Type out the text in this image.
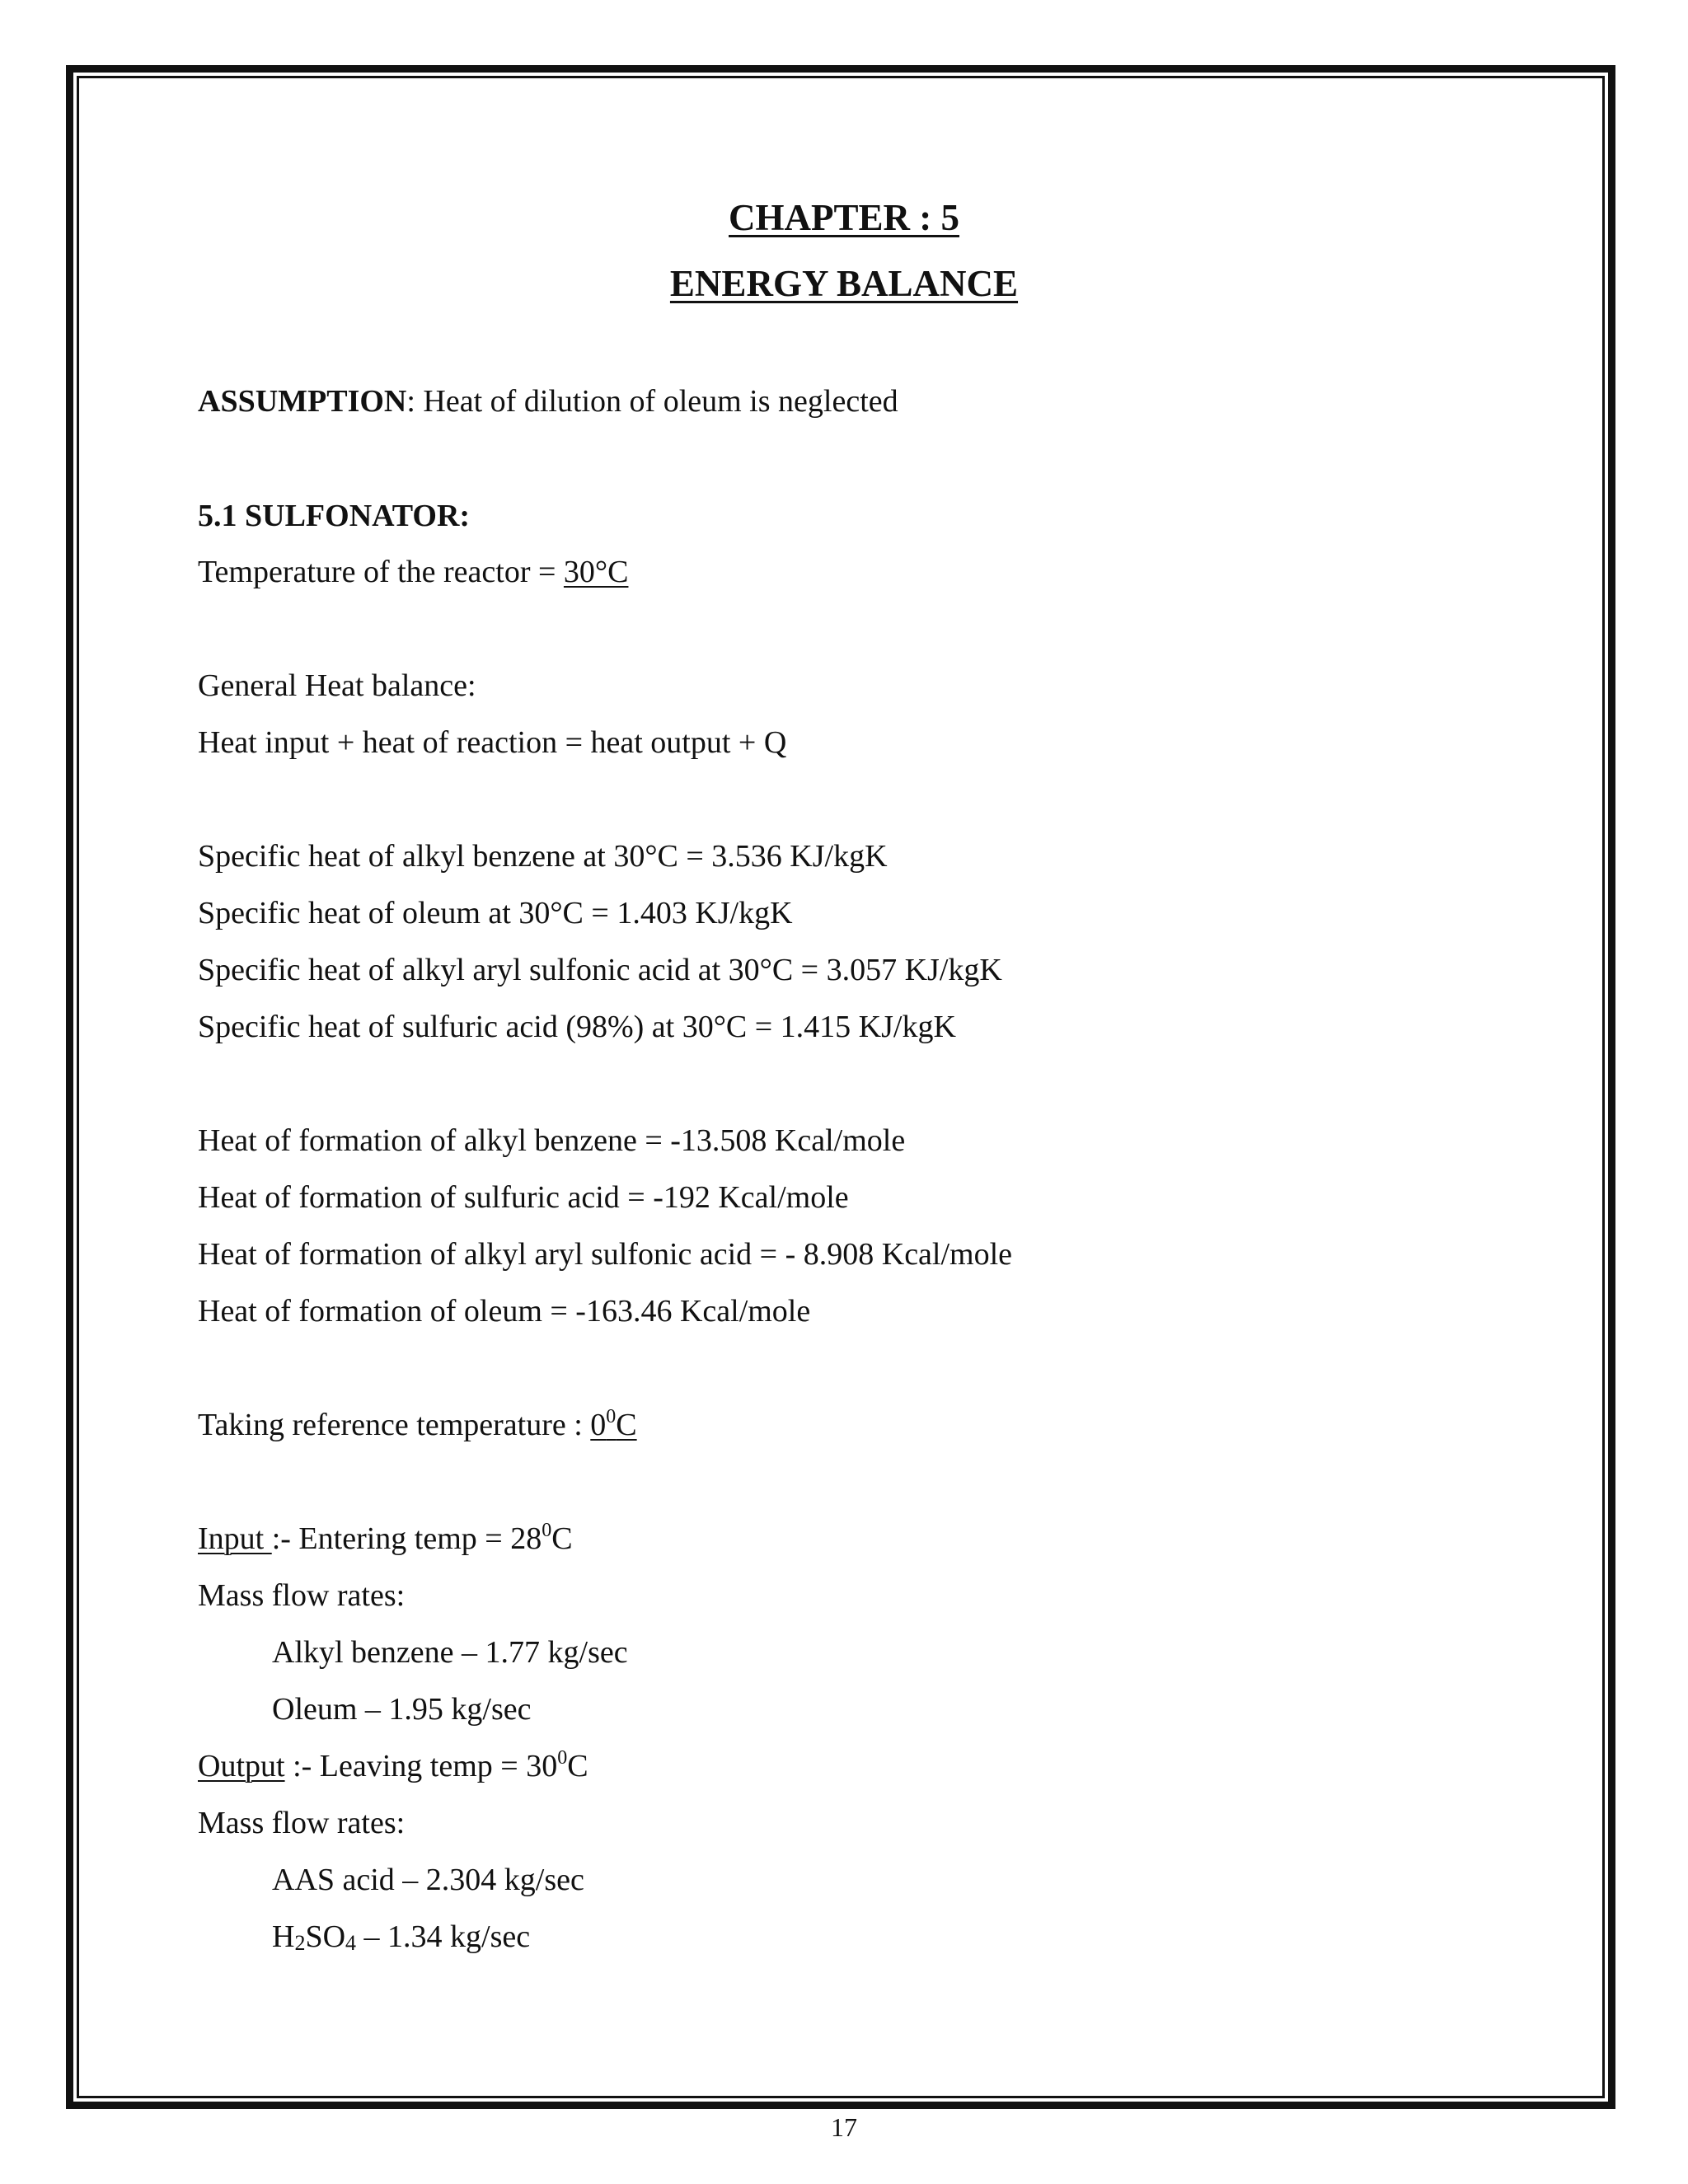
CHAPTER : 5
ENERGY BALANCE
ASSUMPTION: Heat of dilution of oleum is neglected
5.1 SULFONATOR:
Temperature of the reactor = 30°C
General Heat balance:
Heat input + heat of reaction = heat output + Q
Specific heat of alkyl benzene at 30°C = 3.536 KJ/kgK
Specific heat of oleum at 30°C = 1.403 KJ/kgK
Specific heat of alkyl aryl sulfonic acid at 30°C = 3.057 KJ/kgK
Specific heat of sulfuric acid (98%) at 30°C = 1.415 KJ/kgK
Heat of formation of alkyl benzene = -13.508 Kcal/mole
Heat of formation of sulfuric acid = -192 Kcal/mole
Heat of formation of alkyl aryl sulfonic acid = - 8.908 Kcal/mole
Heat of formation of oleum = -163.46 Kcal/mole
Taking reference temperature : $0^0C$
Input :- Entering temp = $28^0C$
Mass flow rates:
Alkyl benzene – 1.77 kg/sec
Oleum – 1.95 kg/sec
Output :- Leaving temp = $30^0C$
Mass flow rates:
AAS acid – 2.304 kg/sec
$H_2SO_4 - 1.34$ kg/sec
17
